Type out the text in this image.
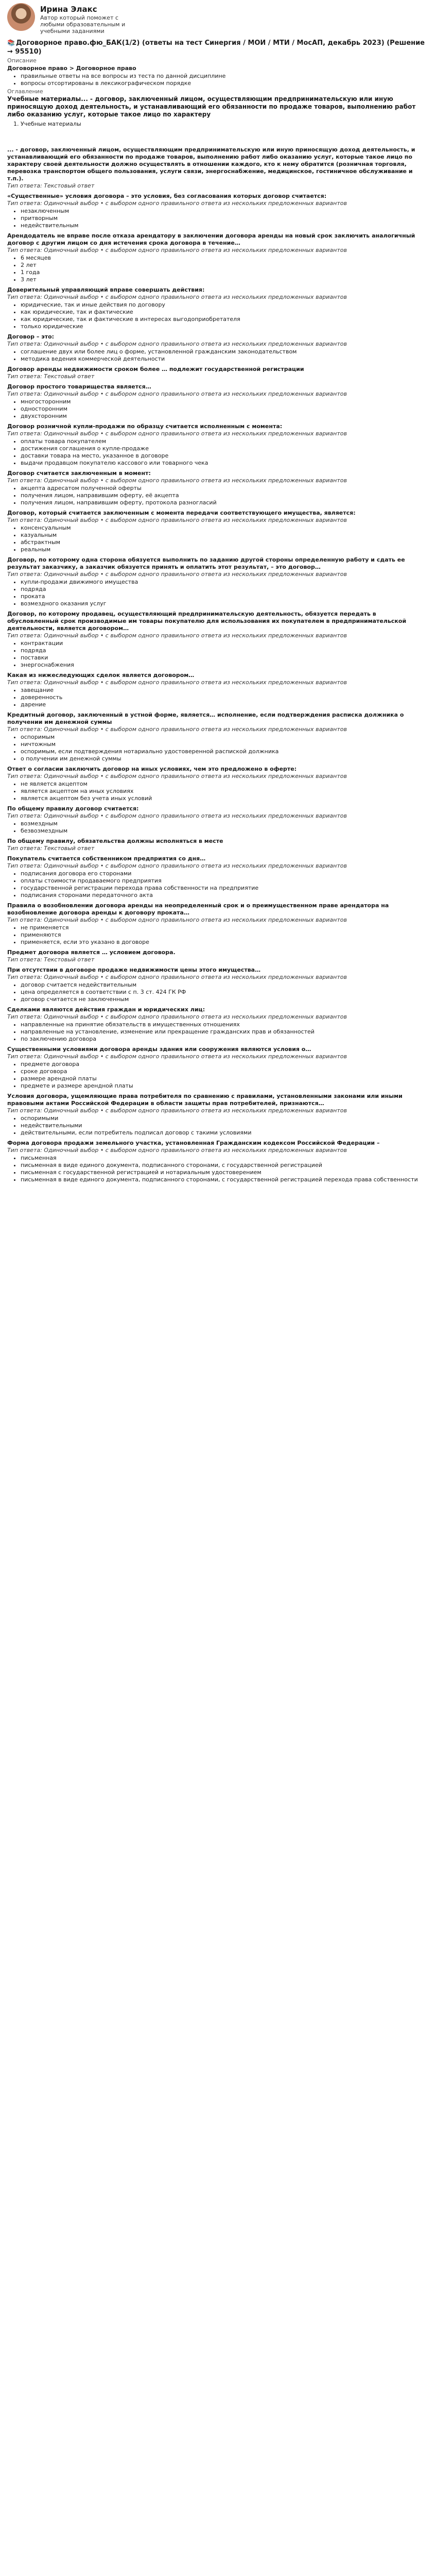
Ирина Элакс
Автор который поможет с любыми образовательным и учебными заданиями
📚 Договорное право.фю_БАК(1/2) (ответы на тест Синергия / МОИ / МТИ / МосАП, декабрь 2023) (Решение → 95510)
Описание
Договорное право > Договорное право
• правильные ответы на все вопросы из теста по данной дисциплине
• вопросы отсортированы в лексикографическом порядке
Оглавление
Учебные материалы... - договор, заключенный лицом, осуществляющим предпринимательскую или иную приносящую доход деятельность, и устанавливающий его обязанности по продаже товаров, выполнению работ либо оказанию услуг, которые такое лицо по характеру
1. Учебные материалы
... - договор, заключенный лицом, осуществляющим предпринимательскую или иную приносящую доход деятельность, и устанавливающий его обязанности по продаже товаров, выполнению работ либо оказанию услуг, которые такое лицо по характеру своей деятельности должно осуществлять в отношении каждого, кто к нему обратится (розничная торговля, перевозка транспортом общего пользования, услуги связи, энергоснабжение, медицинское, гостиничное обслуживание и т.п.).
Тип ответа: Текстовый ответ
«Существенные» условия договора – это условия, без согласования которых договор считается:
Тип ответа: Одиночный выбор • с выбором одного правильного ответа из нескольких предложенных вариантов
• незаключенным
• притворным
• недействительным
Арендодатель не вправе после отказа арендатору в заключении договора аренды на новый срок заключить аналогичный договор с другим лицом со дня истечения срока договора в течение…
Тип ответа: Одиночный выбор • с выбором одного правильного ответа из нескольких предложенных вариантов
• 6 месяцев
• 2 лет
• 1 года
• 3 лет
Доверительный управляющий вправе совершать действия:
Тип ответа: Одиночный выбор • с выбором одного правильного ответа из нескольких предложенных вариантов
• юридические, так и иные действия по договору
• как юридические, так и фактические
• как юридические, так и фактические в интересах выгодоприобретателя
• только юридические
Договор – это:
Тип ответа: Одиночный выбор • с выбором одного правильного ответа из нескольких предложенных вариантов
• соглашение двух или более лиц о форме, установленной гражданским законодательством
• методика ведения коммерческой деятельности
Договор аренды недвижимости сроком более … подлежит государственной регистрации
Тип ответа: Текстовый ответ
Договор простого товарищества является…
Тип ответа: Одиночный выбор • с выбором одного правильного ответа из нескольких предложенных вариантов
• многосторонним
• односторонним
• двухсторонним
Договор розничной купли-продажи по образцу считается исполненным с момента:
Тип ответа: Одиночный выбор • с выбором одного правильного ответа из нескольких предложенных вариантов
• оплаты товара покупателем
• достижения соглашения о купле-продаже
• доставки товара на место, указанное в договоре
• выдачи продавцом покупателю кассового или товарного чека
Договор считается заключенным в момент:
Тип ответа: Одиночный выбор • с выбором одного правильного ответа из нескольких предложенных вариантов
• акцепта адресатом полученной оферты
• получения лицом, направившим оферту, её акцепта
• получения лицом, направившим оферту, протокола разногласий
Договор, который считается заключенным с момента передачи соответствующего имущества, является:
Тип ответа: Одиночный выбор • с выбором одного правильного ответа из нескольких предложенных вариантов
• консенсуальным
• казуальным
• абстрактным
• реальным
Договор, по которому одна сторона обязуется выполнить по заданию другой стороны определенную работу и сдать ее результат заказчику, а заказчик обязуется принять и оплатить этот результат, – это договор…
Тип ответа: Одиночный выбор • с выбором одного правильного ответа из нескольких предложенных вариантов
• купли-продажи движимого имущества
• подряда
• проката
• возмездного оказания услуг
Договор, по которому продавец, осуществляющий предпринимательскую деятельность, обязуется передать в обусловленный срок производимые им товары покупателю для использования их покупателем в предпринимательской деятельности, является договором…
Тип ответа: Одиночный выбор • с выбором одного правильного ответа из нескольких предложенных вариантов
• контрактации
• подряда
• поставки
• энергоснабжения
Какая из нижеследующих сделок является договором…
Тип ответа: Одиночный выбор • с выбором одного правильного ответа из нескольких предложенных вариантов
• завещание
• доверенность
• дарение
Кредитный договор, заключенный в устной форме, является… исполнение, если подтверждения расписка должника о получении им денежной суммы
Тип ответа: Одиночный выбор • с выбором одного правильного ответа из нескольких предложенных вариантов
• оспоримым
• ничтожным
• оспоримым, если подтверждения нотариально удостоверенной распиской должника
• о получении им денежной суммы
Ответ о согласии заключить договор на иных условиях, чем это предложено в оферте:
Тип ответа: Одиночный выбор • с выбором одного правильного ответа из нескольких предложенных вариантов
• не является акцептом
• является акцептом на иных условиях
• является акцептом без учета иных условий
По общему правилу договор считается:
Тип ответа: Одиночный выбор • с выбором одного правильного ответа из нескольких предложенных вариантов
• возмездным
• безвозмездным
По общему правилу, обязательства должны исполняться в месте
Тип ответа: Текстовый ответ
Покупатель считается собственником предприятия со дня…
Тип ответа: Одиночный выбор • с выбором одного правильного ответа из нескольких предложенных вариантов
• подписания договора его сторонами
• оплаты стоимости продаваемого предприятия
• государственной регистрации перехода права собственности на предприятие
• подписания сторонами передаточного акта
Правила о возобновлении договора аренды на неопределенный срок и о преимущественном праве арендатора на возобновление договора аренды к договору проката…
Тип ответа: Одиночный выбор • с выбором одного правильного ответа из нескольких предложенных вариантов
• не применяется
• применяются
• применяется, если это указано в договоре
Предмет договора является … условием договора.
Тип ответа: Текстовый ответ
При отсутствии в договоре продаже недвижимости цены этого имущества…
Тип ответа: Одиночный выбор • с выбором одного правильного ответа из нескольких предложенных вариантов
• договор считается недействительным
• цена определяется в соответствии с п. 3 ст. 424 ГК РФ
• договор считается не заключенным
Сделками являются действия граждан и юридических лиц:
Тип ответа: Одиночный выбор • с выбором одного правильного ответа из нескольких предложенных вариантов
• направленные на принятие обязательств в имущественных отношениях
• направленные на установление, изменение или прекращение гражданских прав и обязанностей
• по заключению договора
Существенными условиями договора аренды здания или сооружения являются условия о…
Тип ответа: Одиночный выбор • с выбором одного правильного ответа из нескольких предложенных вариантов
• предмете договора
• сроке договора
• размере арендной платы
• предмете и размере арендной платы
Условия договора, ущемляющие права потребителя по сравнению с правилами, установленными законами или иными правовыми актами Российской Федерации в области защиты прав потребителей, признаются…
Тип ответа: Одиночный выбор • с выбором одного правильного ответа из нескольких предложенных вариантов
• оспоримыми
• недействительными
• действительными, если потребитель подписал договор с такими условиями
Форма договора продажи земельного участка, установленная Гражданским кодексом Российской Федерации –
Тип ответа: Одиночный выбор • с выбором одного правильного ответа из нескольких предложенных вариантов
• письменная
• письменная в виде единого документа, подписанного сторонами, с государственной регистрацией
• письменная с государственной регистрацией и нотариальным удостоверением
• письменная в виде единого документа, подписанного сторонами, с государственной регистрацией перехода права собственности
